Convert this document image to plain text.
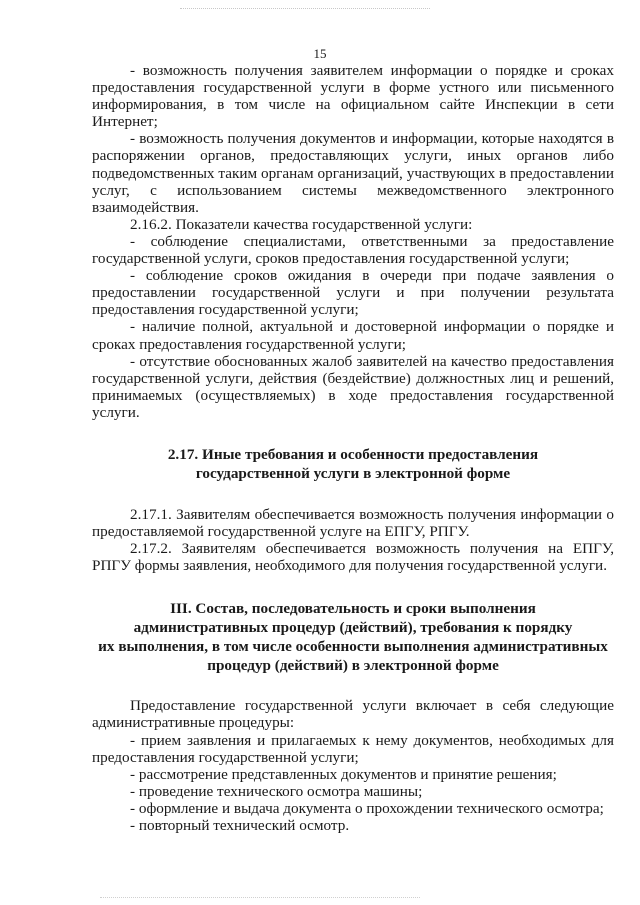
15

- возможность получения заявителем информации о порядке и сроках предоставления государственной услуги в форме устного или письменного информирования, в том числе на официальном сайте Инспекции в сети Интернет;

- возможность получения документов и информации, которые находятся в распоряжении органов, предоставляющих услуги, иных органов либо подведомственных таким органам организаций, участвующих в предоставлении услуг, с использованием системы межведомственного электронного взаимодействия.

2.16.2. Показатели качества государственной услуги:

- соблюдение специалистами, ответственными за предоставление государственной услуги, сроков предоставления государственной услуги;

- соблюдение сроков ожидания в очереди при подаче заявления о предоставлении государственной услуги и при получении результата предоставления государственной услуги;

- наличие полной, актуальной и достоверной информации о порядке и сроках предоставления государственной услуги;

- отсутствие обоснованных жалоб заявителей на качество предоставления государственной услуги, действия (бездействие) должностных лиц и решений, принимаемых (осуществляемых) в ходе предоставления государственной услуги.

2.17. Иные требования и особенности предоставления

государственной услуги в электронной форме

2.17.1. Заявителям обеспечивается возможность получения информации о предоставляемой государственной услуге на ЕПГУ, РПГУ.

2.17.2. Заявителям обеспечивается возможность получения на ЕПГУ, РПГУ формы заявления, необходимого для получения государственной услуги.

III. Состав, последовательность и сроки выполнения

административных процедур (действий), требования к порядку

их выполнения, в том числе особенности выполнения административных

процедур (действий) в электронной форме

Предоставление государственной услуги включает в себя следующие административные процедуры:

- прием заявления и прилагаемых к нему документов, необходимых для предоставления государственной услуги;

- рассмотрение представленных документов и принятие решения;

- проведение технического осмотра машины;

- оформление и выдача документа о прохождении технического осмотра;

- повторный технический осмотр.
